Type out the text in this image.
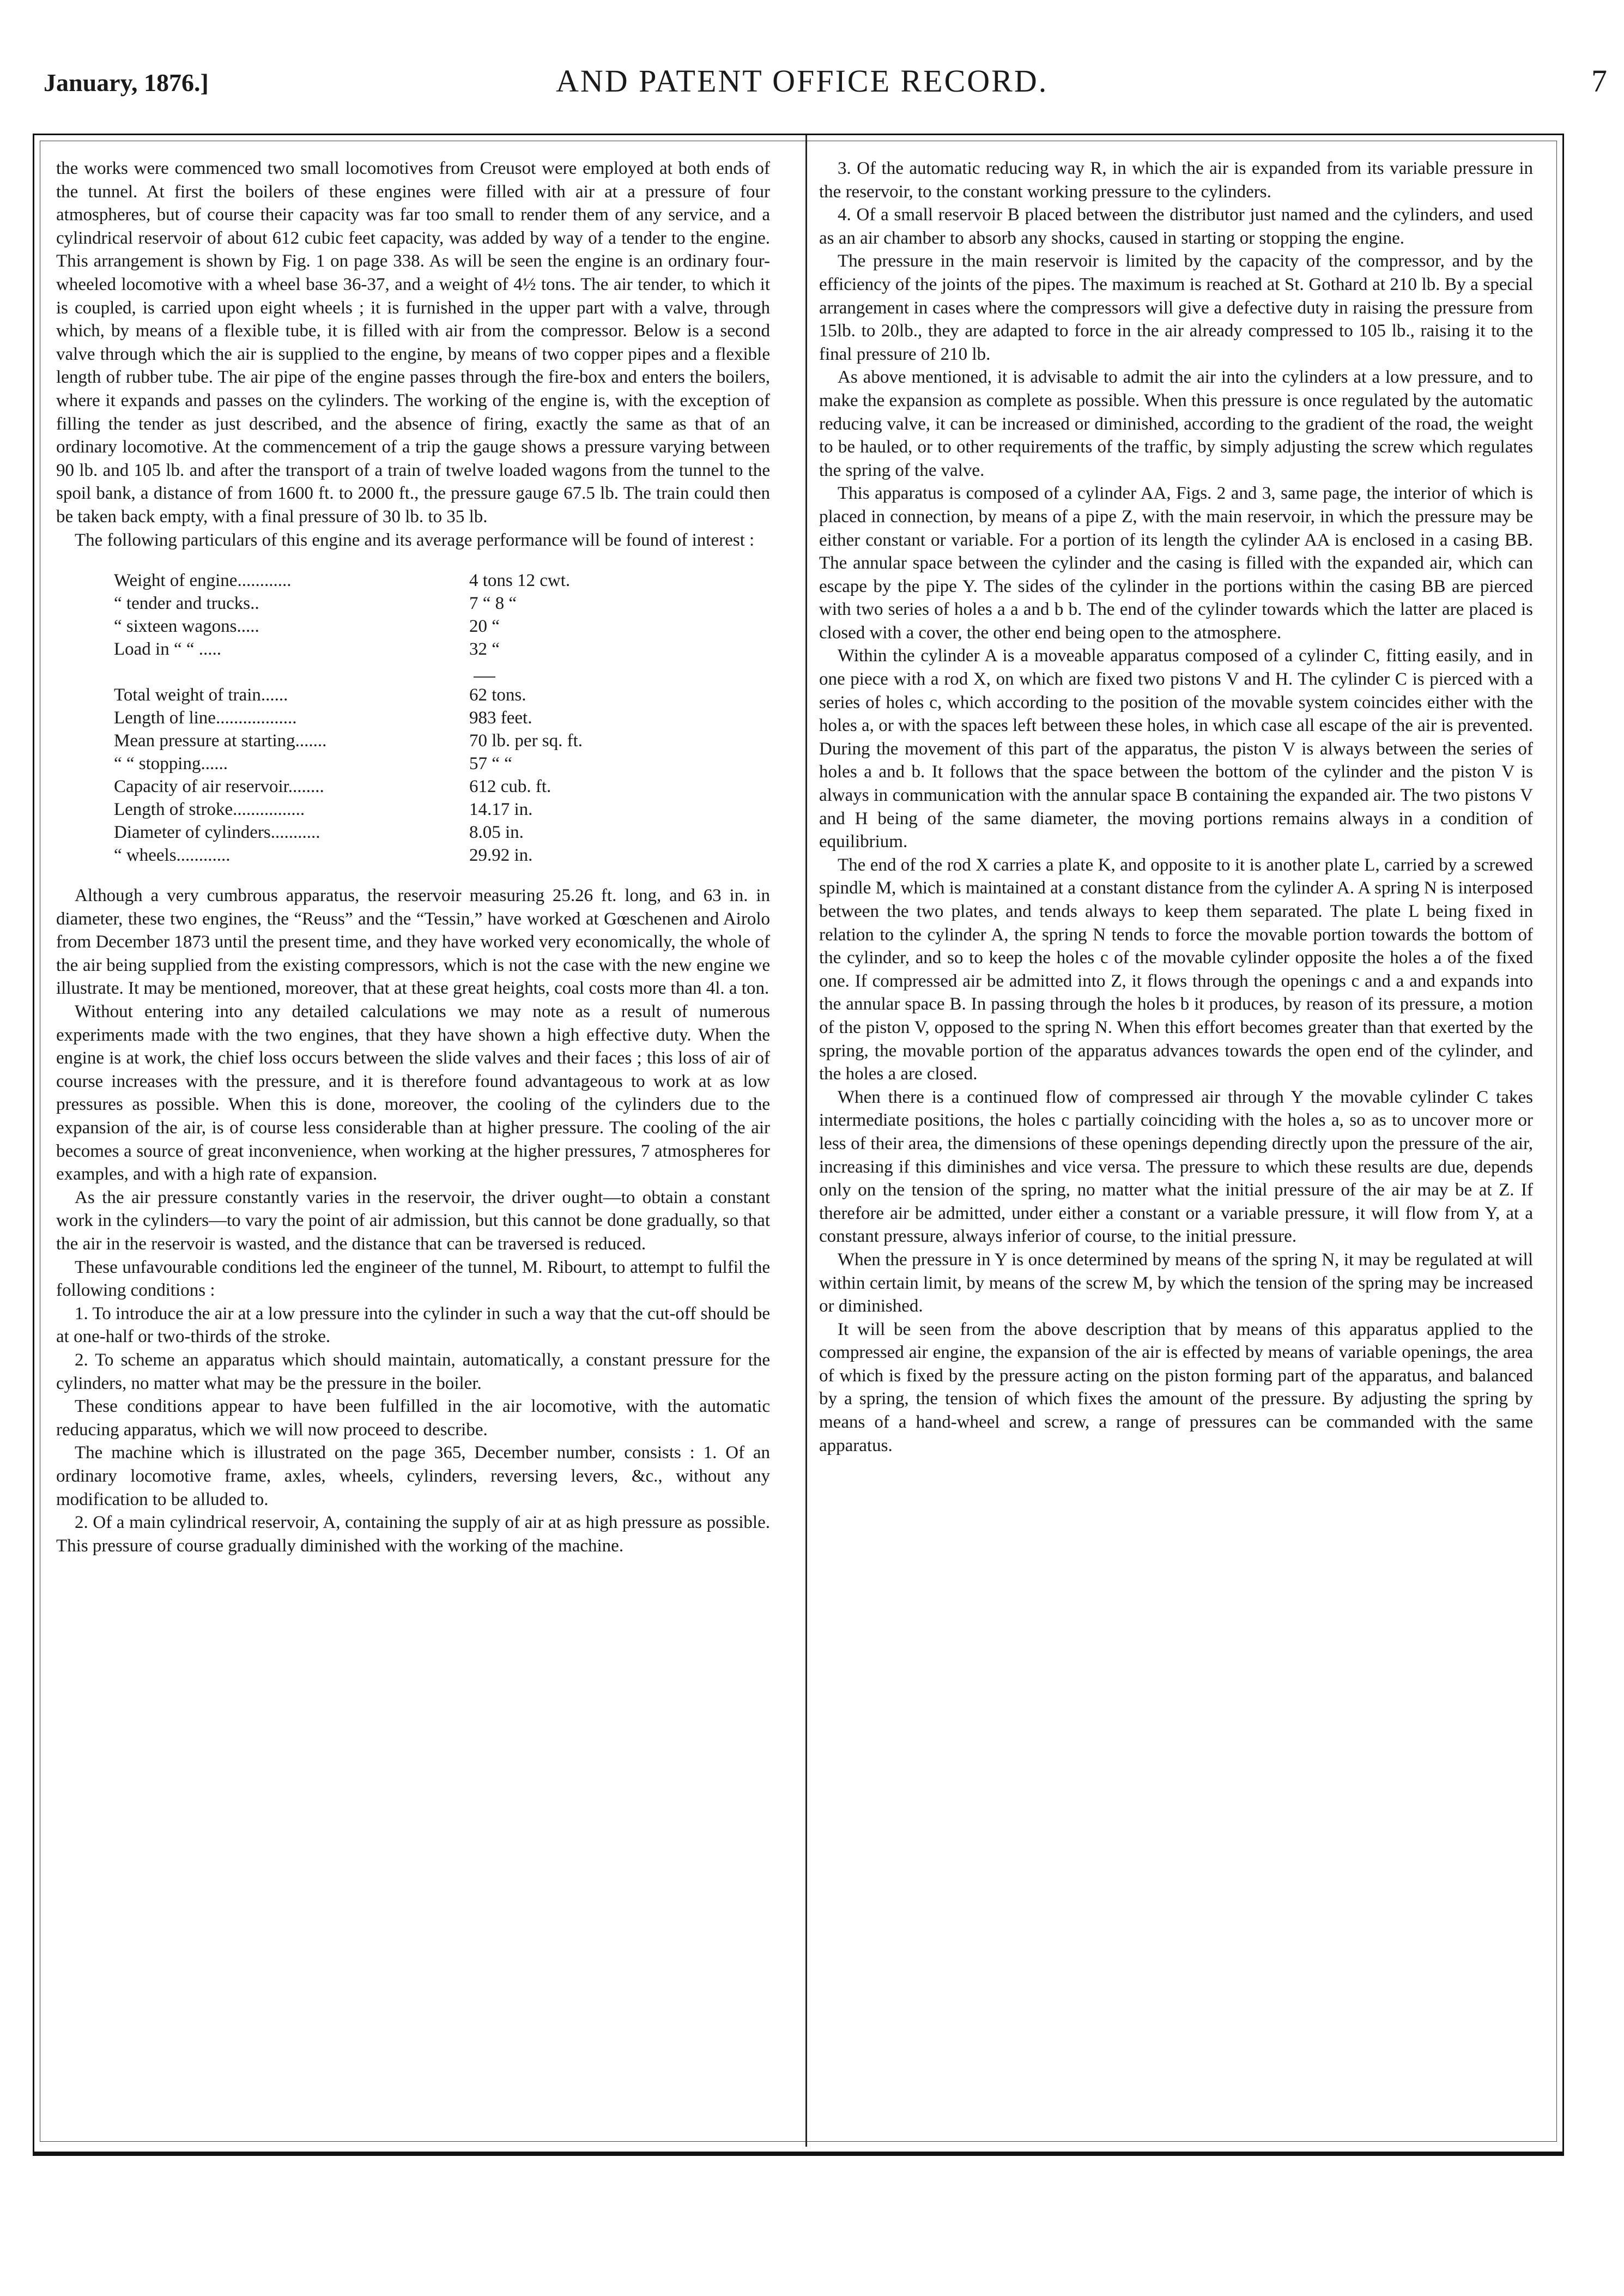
January, 1876.]	AND PATENT OFFICE RECORD.	7

the works were commenced two small locomotives from Creusot were employed at both ends of the tunnel. At first the boilers of these engines were filled with air at a pressure of four atmospheres, but of course their capacity was far too small to render them of any service, and a cylindrical reservoir of about 612 cubic feet capacity, was added by way of a tender to the engine. This arrangement is shown by Fig. 1 on page 338. As will be seen the engine is an ordinary four-wheeled locomotive with a wheel base 36-37, and a weight of 4½ tons. The air tender, to which it is coupled, is carried upon eight wheels ; it is furnished in the upper part with a valve, through which, by means of a flexible tube, it is filled with air from the compressor. Below is a second valve through which the air is supplied to the engine, by means of two copper pipes and a flexible length of rubber tube. The air pipe of the engine passes through the fire-box and enters the boilers, where it expands and passes on the cylinders. The working of the engine is, with the exception of filling the tender as just described, and the absence of firing, exactly the same as that of an ordinary locomotive. At the commencement of a trip the gauge shows a pressure varying between 90 lb. and 105 lb. and after the transport of a train of twelve loaded wagons from the tunnel to the spoil bank, a distance of from 1600 ft. to 2000 ft., the pressure gauge 67.5 lb. The train could then be taken back empty, with a final pressure of 30 lb. to 35 lb.

The following particulars of this engine and its average performance will be found of interest :

Weight of engine............	4 tons 12 cwt.
“ tender and trucks..	7 “ 8 “
“ sixteen wagons.....	20 “
Load in “ “ .....	32 “

Total weight of train......	62 tons.
Length of line..................	983 feet.
Mean pressure at starting.......	70 lb. per sq. ft.
“ “ stopping......	57 “ “
Capacity of air reservoir........	612 cub. ft.
Length of stroke................	14.17 in.
Diameter of cylinders...........	8.05 in.
“ wheels............	29.92 in.

Although a very cumbrous apparatus, the reservoir measuring 25.26 ft. long, and 63 in. in diameter, these two engines, the “Reuss” and the “Tessin,” have worked at Gœschenen and Airolo from December 1873 until the present time, and they have worked very economically, the whole of the air being supplied from the existing compressors, which is not the case with the new engine we illustrate. It may be mentioned, moreover, that at these great heights, coal costs more than 4l. a ton.

Without entering into any detailed calculations we may note as a result of numerous experiments made with the two engines, that they have shown a high effective duty. When the engine is at work, the chief loss occurs between the slide valves and their faces ; this loss of air of course increases with the pressure, and it is therefore found advantageous to work at as low pressures as possible. When this is done, moreover, the cooling of the cylinders due to the expansion of the air, is of course less considerable than at higher pressure. The cooling of the air becomes a source of great inconvenience, when working at the higher pressures, 7 atmospheres for examples, and with a high rate of expansion.

As the air pressure constantly varies in the reservoir, the driver ought—to obtain a constant work in the cylinders—to vary the point of air admission, but this cannot be done gradually, so that the air in the reservoir is wasted, and the distance that can be traversed is reduced.

These unfavourable conditions led the engineer of the tunnel, M. Ribourt, to attempt to fulfil the following conditions :

1. To introduce the air at a low pressure into the cylinder in such a way that the cut-off should be at one-half or two-thirds of the stroke.

2. To scheme an apparatus which should maintain, automatically, a constant pressure for the cylinders, no matter what may be the pressure in the boiler.

These conditions appear to have been fulfilled in the air locomotive, with the automatic reducing apparatus, which we will now proceed to describe.

The machine which is illustrated on the page 365, December number, consists : 1. Of an ordinary locomotive frame, axles, wheels, cylinders, reversing levers, &c., without any modification to be alluded to.

2. Of a main cylindrical reservoir, A, containing the supply of air at as high pressure as possible. This pressure of course gradually diminished with the working of the machine.

3. Of the automatic reducing way R, in which the air is expanded from its variable pressure in the reservoir, to the constant working pressure to the cylinders.

4. Of a small reservoir B placed between the distributor just named and the cylinders, and used as an air chamber to absorb any shocks, caused in starting or stopping the engine.

The pressure in the main reservoir is limited by the capacity of the compressor, and by the efficiency of the joints of the pipes. The maximum is reached at St. Gothard at 210 lb. By a special arrangement in cases where the compressors will give a defective duty in raising the pressure from 15lb. to 20lb., they are adapted to force in the air already compressed to 105 lb., raising it to the final pressure of 210 lb.

As above mentioned, it is advisable to admit the air into the cylinders at a low pressure, and to make the expansion as complete as possible. When this pressure is once regulated by the automatic reducing valve, it can be increased or diminished, according to the gradient of the road, the weight to be hauled, or to other requirements of the traffic, by simply adjusting the screw which regulates the spring of the valve.

This apparatus is composed of a cylinder AA, Figs. 2 and 3, same page, the interior of which is placed in connection, by means of a pipe Z, with the main reservoir, in which the pressure may be either constant or variable. For a portion of its length the cylinder AA is enclosed in a casing BB. The annular space between the cylinder and the casing is filled with the expanded air, which can escape by the pipe Y. The sides of the cylinder in the portions within the casing BB are pierced with two series of holes a a and b b. The end of the cylinder towards which the latter are placed is closed with a cover, the other end being open to the atmosphere.

Within the cylinder A is a moveable apparatus composed of a cylinder C, fitting easily, and in one piece with a rod X, on which are fixed two pistons V and H. The cylinder C is pierced with a series of holes c, which according to the position of the movable system coincides either with the holes a, or with the spaces left between these holes, in which case all escape of the air is prevented. During the movement of this part of the apparatus, the piston V is always between the series of holes a and b. It follows that the space between the bottom of the cylinder and the piston V is always in communication with the annular space B containing the expanded air. The two pistons V and H being of the same diameter, the moving portions remains always in a condition of equilibrium.

The end of the rod X carries a plate K, and opposite to it is another plate L, carried by a screwed spindle M, which is maintained at a constant distance from the cylinder A. A spring N is interposed between the two plates, and tends always to keep them separated. The plate L being fixed in relation to the cylinder A, the spring N tends to force the movable portion towards the bottom of the cylinder, and so to keep the holes c of the movable cylinder opposite the holes a of the fixed one. If compressed air be admitted into Z, it flows through the openings c and a and expands into the annular space B. In passing through the holes b it produces, by reason of its pressure, a motion of the piston V, opposed to the spring N. When this effort becomes greater than that exerted by the spring, the movable portion of the apparatus advances towards the open end of the cylinder, and the holes a are closed.

When there is a continued flow of compressed air through Y the movable cylinder C takes intermediate positions, the holes c partially coinciding with the holes a, so as to uncover more or less of their area, the dimensions of these openings depending directly upon the pressure of the air, increasing if this diminishes and vice versa. The pressure to which these results are due, depends only on the tension of the spring, no matter what the initial pressure of the air may be at Z. If therefore air be admitted, under either a constant or a variable pressure, it will flow from Y, at a constant pressure, always inferior of course, to the initial pressure.

When the pressure in Y is once determined by means of the spring N, it may be regulated at will within certain limit, by means of the screw M, by which the tension of the spring may be increased or diminished.

It will be seen from the above description that by means of this apparatus applied to the compressed air engine, the expansion of the air is effected by means of variable openings, the area of which is fixed by the pressure acting on the piston forming part of the apparatus, and balanced by a spring, the tension of which fixes the amount of the pressure. By adjusting the spring by means of a hand-wheel and screw, a range of pressures can be commanded with the same apparatus.
